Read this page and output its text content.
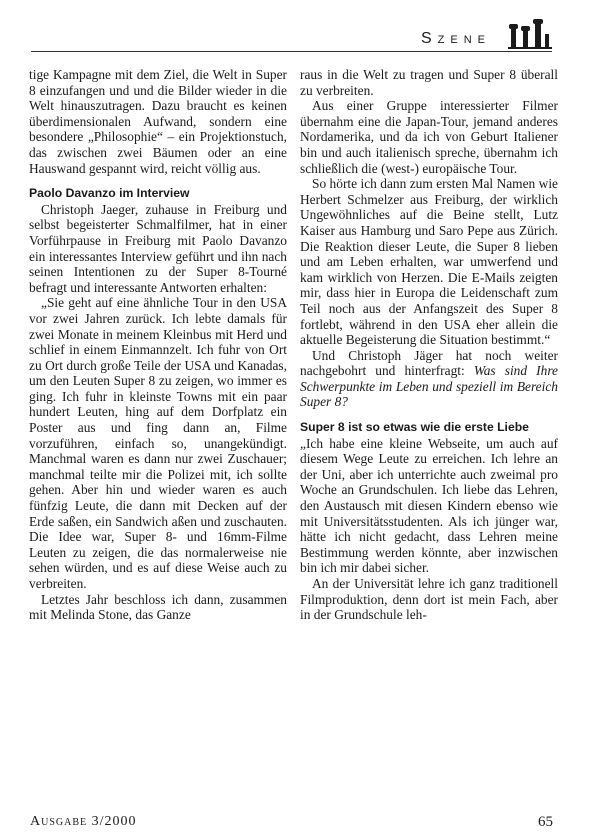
Szene

tige Kampagne mit dem Ziel, die Welt in Super 8 einzufangen und und die Bilder wieder in die Welt hinauszutragen. Dazu braucht es keinen überdimensionalen Aufwand, sondern eine besondere „Philosophie“ – ein Projektionstuch, das zwischen zwei Bäumen oder an eine Hauswand gespannt wird, reicht völlig aus.

Paolo Davanzo im Interview

Christoph Jaeger, zuhause in Freiburg und selbst begeisterter Schmalfilmer, hat in einer Vorführpause in Freiburg mit Paolo Davanzo ein interessantes Interview geführt und ihn nach seinen Intentionen zu der Super 8-Tourné befragt und interessante Antworten erhalten:

„Sie geht auf eine ähnliche Tour in den USA vor zwei Jahren zurück. Ich lebte damals für zwei Monate in meinem Kleinbus mit Herd und schlief in einem Einmannzelt. Ich fuhr von Ort zu Ort durch große Teile der USA und Kanadas, um den Leuten Super 8 zu zeigen, wo immer es ging. Ich fuhr in kleinste Towns mit ein paar hundert Leuten, hing auf dem Dorfplatz ein Poster aus und fing dann an, Filme vorzuführen, einfach so, unangekündigt. Manchmal waren es dann nur zwei Zuschauer; manchmal teilte mir die Polizei mit, ich sollte gehen. Aber hin und wieder waren es auch fünfzig Leute, die dann mit Decken auf der Erde saßen, ein Sandwich aßen und zuschauten. Die Idee war, Super 8- und 16mm-Filme Leuten zu zeigen, die das normalerweise nie sehen würden, und es auf diese Weise auch zu verbreiten.

Letztes Jahr beschloss ich dann, zusammen mit Melinda Stone, das Ganze

raus in die Welt zu tragen und Super 8 überall zu verbreiten.

Aus einer Gruppe interessierter Filmer übernahm eine die Japan-Tour, jemand anderes Nordamerika, und da ich von Geburt Italiener bin und auch italienisch spreche, übernahm ich schließlich die (west-) europäische Tour.

So hörte ich dann zum ersten Mal Namen wie Herbert Schmelzer aus Freiburg, der wirklich Ungewöhnliches auf die Beine stellt, Lutz Kaiser aus Hamburg und Saro Pepe aus Zürich. Die Reaktion dieser Leute, die Super 8 lieben und am Leben erhalten, war umwerfend und kam wirklich von Herzen. Die E-Mails zeigten mir, dass hier in Europa die Leidenschaft zum Teil noch aus der Anfangszeit des Super 8 fortlebt, während in den USA eher allein die aktuelle Begeisterung die Situation bestimmt.“

Und Christoph Jäger hat noch weiter nachgebohrt und hinterfragt: Was sind Ihre Schwerpunkte im Leben und speziell im Bereich Super 8?

Super 8 ist so etwas wie die erste Liebe

„Ich habe eine kleine Webseite, um auch auf diesem Wege Leute zu erreichen. Ich lehre an der Uni, aber ich unterrichte auch zweimal pro Woche an Grundschulen. Ich liebe das Lehren, den Austausch mit diesen Kindern ebenso wie mit Universitätsstudenten. Als ich jünger war, hätte ich nicht gedacht, dass Lehren meine Bestimmung werden könnte, aber inzwischen bin ich mir dabei sicher.

An der Universität lehre ich ganz traditionell Filmproduktion, denn dort ist mein Fach, aber in der Grundschule leh-

Ausgabe 3/2000	65
